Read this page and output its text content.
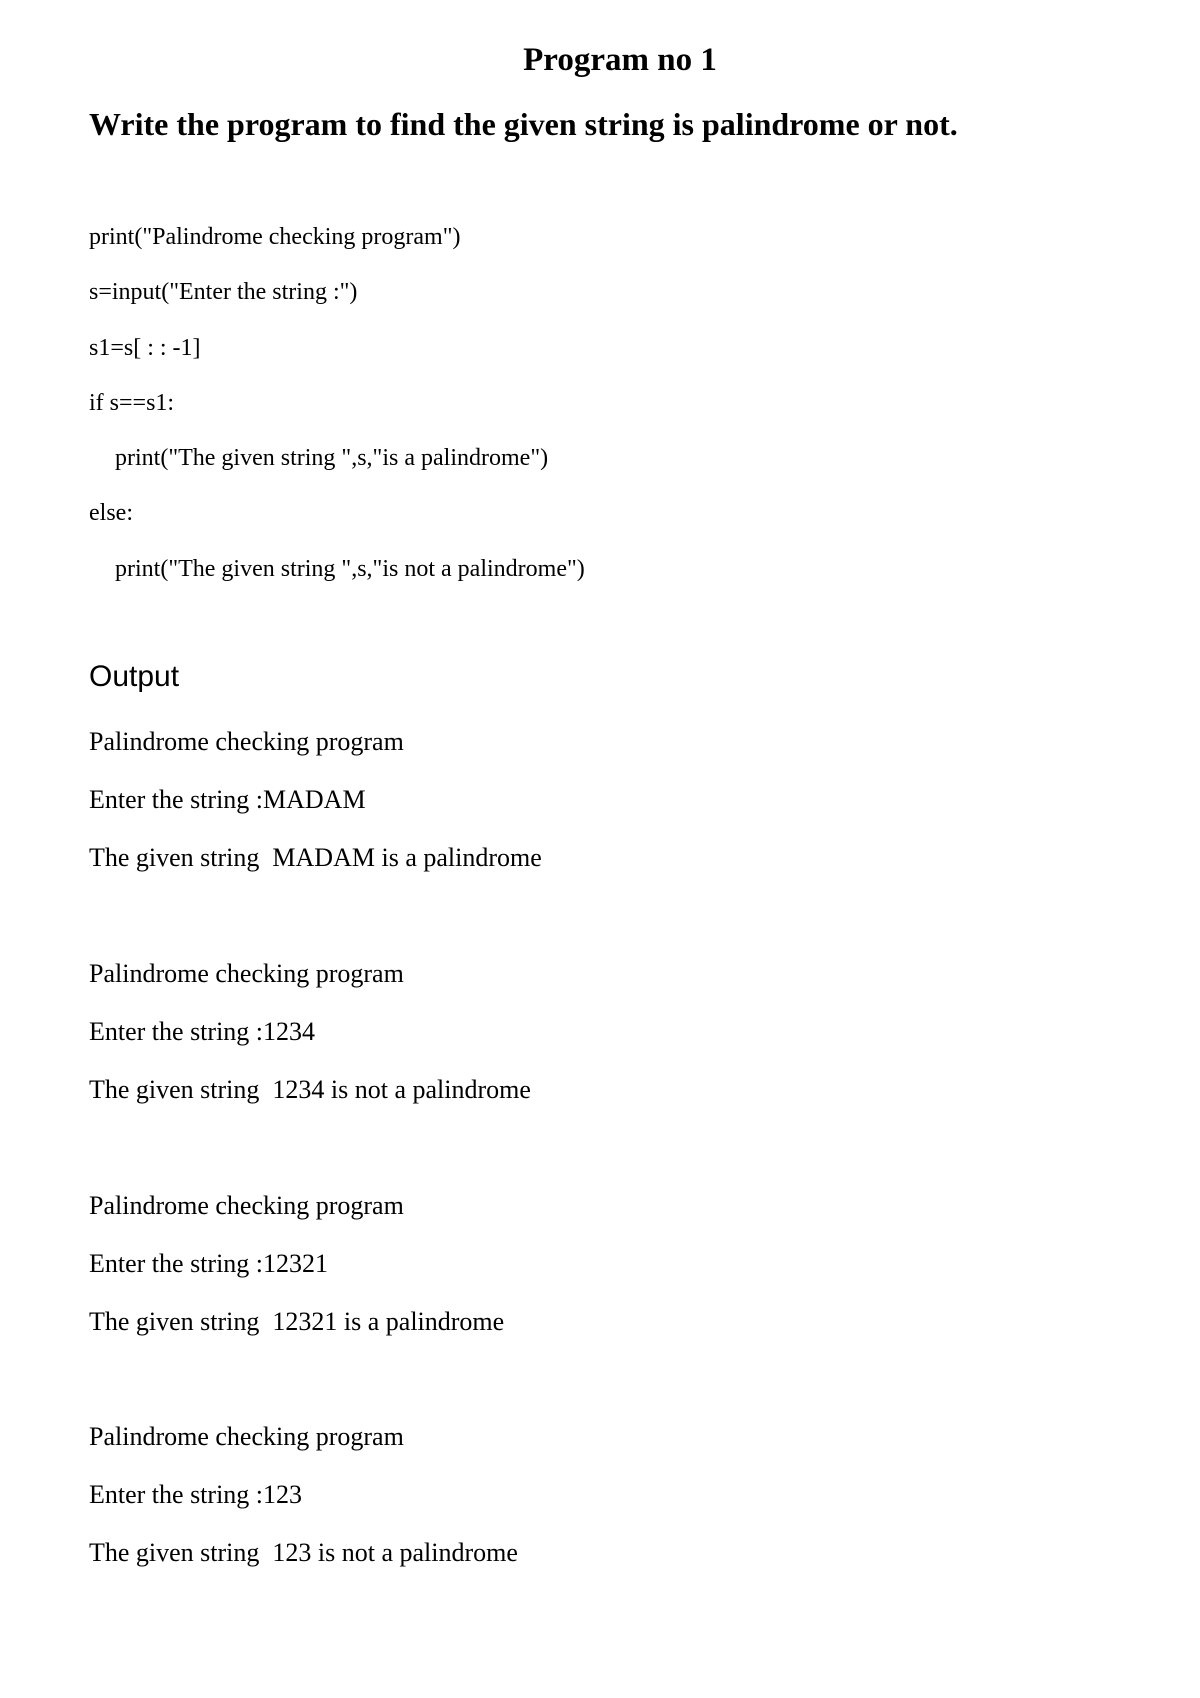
Program no 1
Write the program to find the given string is palindrome or not.
print("Palindrome checking program")
s=input("Enter the string :")
s1=s[ : : -1]
if s==s1:
print("The given string ",s,"is a palindrome")
else:
print("The given string ",s,"is not a palindrome")
Output
Palindrome checking program
Enter the string :MADAM
The given string  MADAM is a palindrome
Palindrome checking program
Enter the string :1234
The given string  1234 is not a palindrome
Palindrome checking program
Enter the string :12321
The given string  12321 is a palindrome
Palindrome checking program
Enter the string :123
The given string  123 is not a palindrome
